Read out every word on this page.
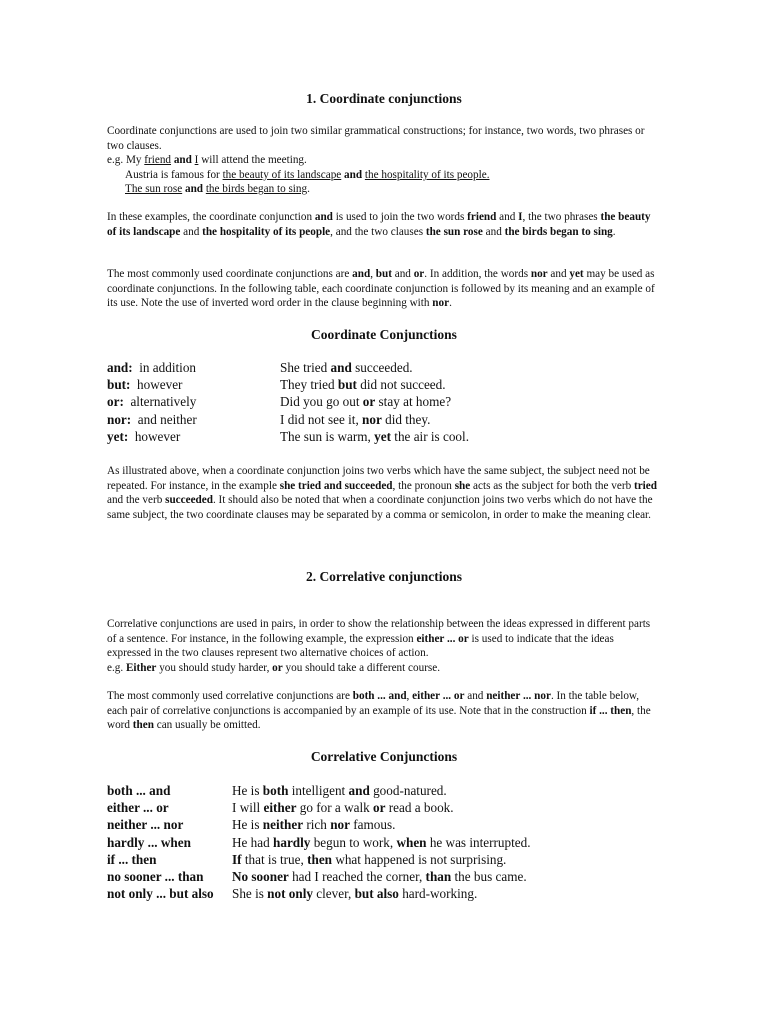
1. Coordinate conjunctions
Coordinate conjunctions are used to join two similar grammatical constructions; for instance, two words, two phrases or two clauses.
e.g. My friend and I will attend the meeting.
Austria is famous for the beauty of its landscape and the hospitality of its people.
The sun rose and the birds began to sing.

In these examples, the coordinate conjunction and is used to join the two words friend and I, the two phrases the beauty of its landscape and the hospitality of its people, and the two clauses the sun rose and the birds began to sing.

The most commonly used coordinate conjunctions are and, but and or. In addition, the words nor and yet may be used as coordinate conjunctions. In the following table, each coordinate conjunction is followed by its meaning and an example of its use. Note the use of inverted word order in the clause beginning with nor.

Coordinate Conjunctions
and: in addition	She tried and succeeded.
but: however	They tried but did not succeed.
or: alternatively	Did you go out or stay at home?
nor: and neither	I did not see it, nor did they.
yet: however	The sun is warm, yet the air is cool.

As illustrated above, when a coordinate conjunction joins two verbs which have the same subject, the subject need not be repeated. For instance, in the example she tried and succeeded, the pronoun she acts as the subject for both the verb tried and the verb succeeded. It should also be noted that when a coordinate conjunction joins two verbs which do not have the same subject, the two coordinate clauses may be separated by a comma or semicolon, in order to make the meaning clear.

2. Correlative conjunctions

Correlative conjunctions are used in pairs, in order to show the relationship between the ideas expressed in different parts of a sentence. For instance, in the following example, the expression either ... or is used to indicate that the ideas expressed in the two clauses represent two alternative choices of action.

e.g. Either you should study harder, or you should take a different course.

The most commonly used correlative conjunctions are both ... and, either ... or and neither ... nor. In the table below, each pair of correlative conjunctions is accompanied by an example of its use. Note that in the construction if ... then, the word then can usually be omitted.

Correlative Conjunctions
both ... and	He is both intelligent and good-natured.
either ... or	I will either go for a walk or read a book.
neither ... nor	He is neither rich nor famous.
hardly ... when	He had hardly begun to work, when he was interrupted.
if ... then	If that is true, then what happened is not surprising.
no sooner ... than	No sooner had I reached the corner, than the bus came.
not only ... but also	She is not only clever, but also hard-working.
